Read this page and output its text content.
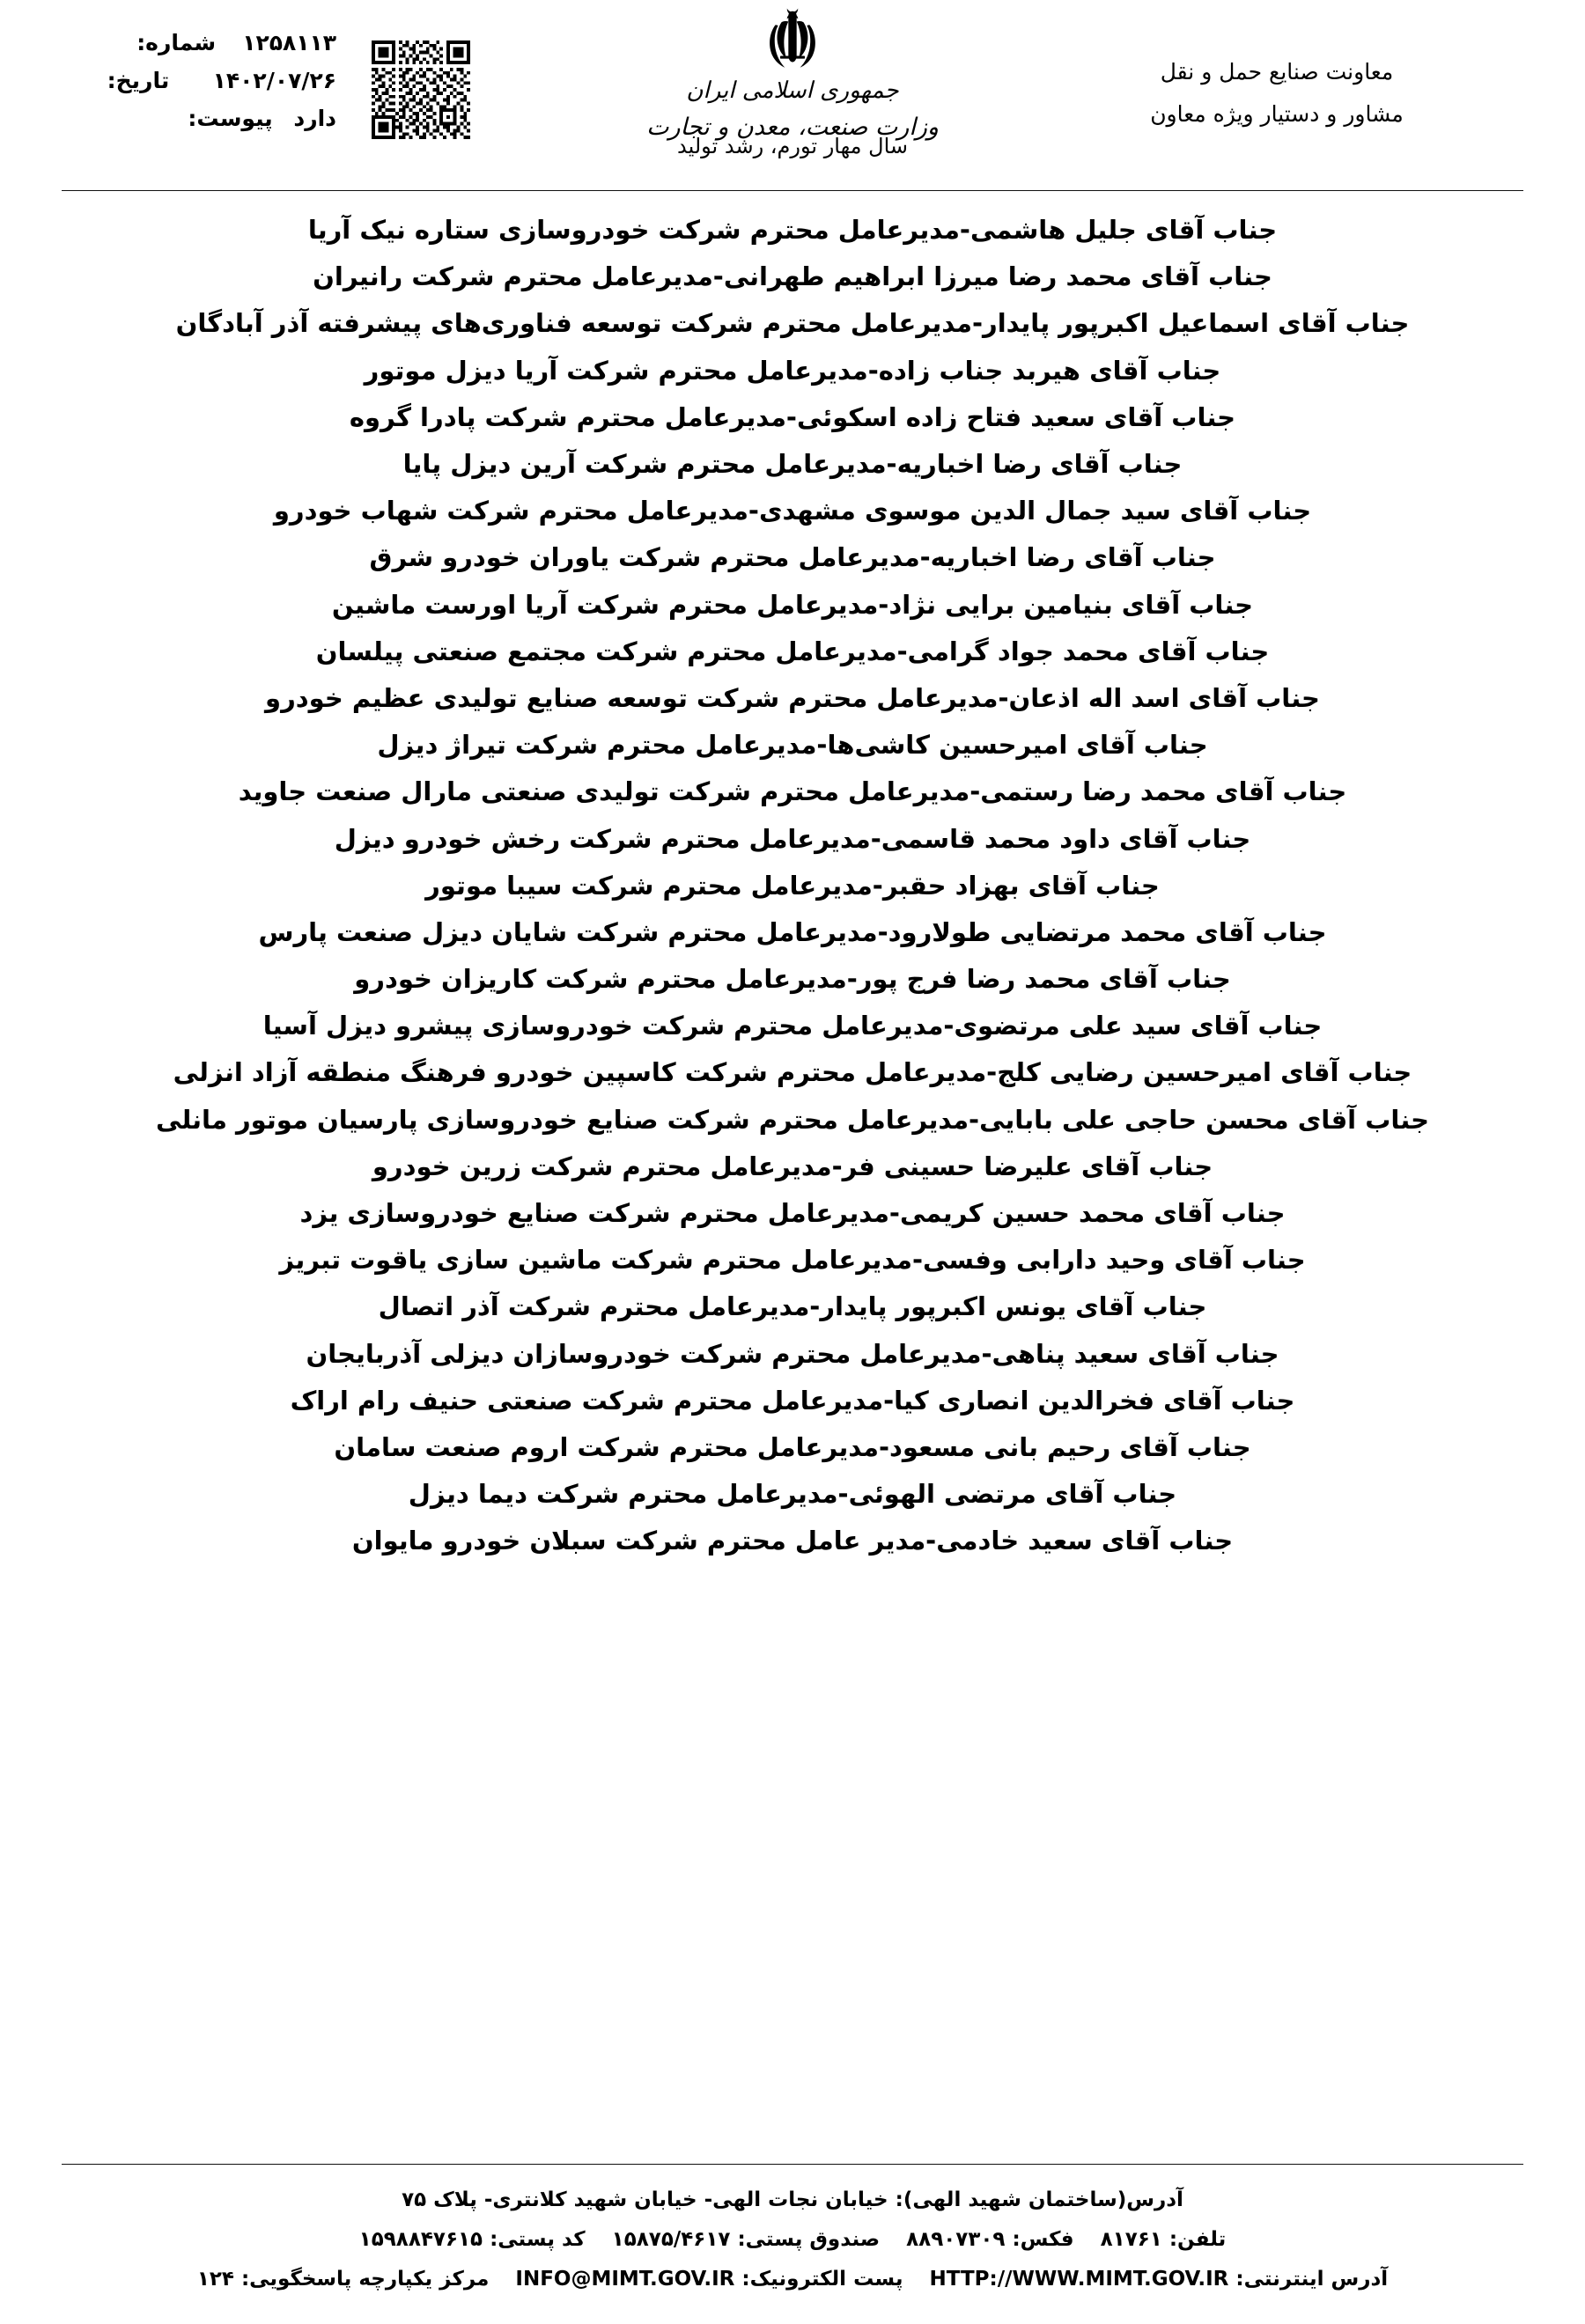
۱۲۵۸۱۱۳
شماره:
۱۴۰۲/۰۷/۲۶
تاریخ:
دارد
پیوست:
جمهوری اسلامی ایران
وزارت صنعت، معدن و تجارت
سال مهار تورم، رشد تولید
معاونت صنایع حمل و نقل
مشاور و دستیار ویژه معاون
جناب آقای جلیل هاشمی-مدیرعامل محترم شرکت خودروسازی ستاره نیک آریا
جناب آقای محمد رضا میرزا ابراهیم طهرانی-مدیرعامل محترم شرکت رانیران
جناب آقای اسماعیل اکبرپور پایدار-مدیرعامل محترم شرکت توسعه فناوری‌های پیشرفته آذر آبادگان
جناب آقای هیربد جناب زاده-مدیرعامل محترم شرکت آریا دیزل موتور
جناب آقای سعید فتاح زاده اسکوئی-مدیرعامل محترم شرکت پادرا گروه
جناب آقای رضا اخباریه-مدیرعامل محترم شرکت آرین دیزل پایا
جناب آقای سید جمال الدین موسوی مشهدی-مدیرعامل محترم شرکت شهاب خودرو
جناب آقای رضا اخباریه-مدیرعامل محترم شرکت یاوران خودرو شرق
جناب آقای بنیامین برایی نژاد-مدیرعامل محترم شرکت آریا اورست ماشین
جناب آقای محمد جواد گرامی-مدیرعامل محترم شرکت مجتمع صنعتی پیلسان
جناب آقای اسد اله اذعان-مدیرعامل محترم شرکت توسعه صنایع تولیدی عظیم خودرو
جناب آقای امیرحسین کاشی‌ها-مدیرعامل محترم شرکت تیراژ دیزل
جناب آقای محمد رضا رستمی-مدیرعامل محترم شرکت تولیدی صنعتی مارال صنعت جاوید
جناب آقای داود محمد قاسمی-مدیرعامل محترم شرکت رخش خودرو دیزل
جناب آقای بهزاد حقبر-مدیرعامل محترم شرکت سیبا موتور
جناب آقای محمد مرتضایی طولارود-مدیرعامل محترم شرکت شایان دیزل صنعت پارس
جناب آقای محمد رضا فرج پور-مدیرعامل محترم شرکت کاریزان خودرو
جناب آقای سید علی مرتضوی-مدیرعامل محترم شرکت خودروسازی پیشرو دیزل آسیا
جناب آقای امیرحسین رضایی کلج-مدیرعامل محترم شرکت کاسپین خودرو فرهنگ منطقه آزاد انزلی
جناب آقای محسن حاجی علی بابایی-مدیرعامل محترم شرکت صنایع خودروسازی پارسیان موتور مانلی
جناب آقای علیرضا حسینی فر-مدیرعامل محترم شرکت زرین خودرو
جناب آقای محمد حسین کریمی-مدیرعامل محترم شرکت صنایع خودروسازی یزد
جناب آقای وحید دارابی وفسی-مدیرعامل محترم شرکت ماشین سازی یاقوت تبریز
جناب آقای یونس اکبرپور پایدار-مدیرعامل محترم شرکت آذر اتصال
جناب آقای سعید پناهی-مدیرعامل محترم شرکت خودروسازان دیزلی آذربایجان
جناب آقای فخرالدین انصاری کیا-مدیرعامل محترم شرکت صنعتی حنیف رام اراک
جناب آقای رحیم بانی مسعود-مدیرعامل محترم شرکت اروم صنعت سامان
جناب آقای مرتضی الهوئی-مدیرعامل محترم شرکت دیما دیزل
جناب آقای سعید خادمی-مدیر عامل محترم شرکت سبلان خودرو مایوان
آدرس(ساختمان شهید الهی): خیابان نجات الهی- خیابان شهید کلانتری- پلاک ۷۵
تلفن: ۸۱۷۶۱ فکس: ۸۸۹۰۷۳۰۹ صندوق پستی: ۱۵۸۷۵/۴۶۱۷ کد پستی: ۱۵۹۸۸۴۷۶۱۵
آدرس اینترنتی: HTTP://WWW.MIMT.GOV.IR پست الکترونیک: INFO@MIMT.GOV.IR مرکز یکپارچه پاسخگویی: ۱۲۴
